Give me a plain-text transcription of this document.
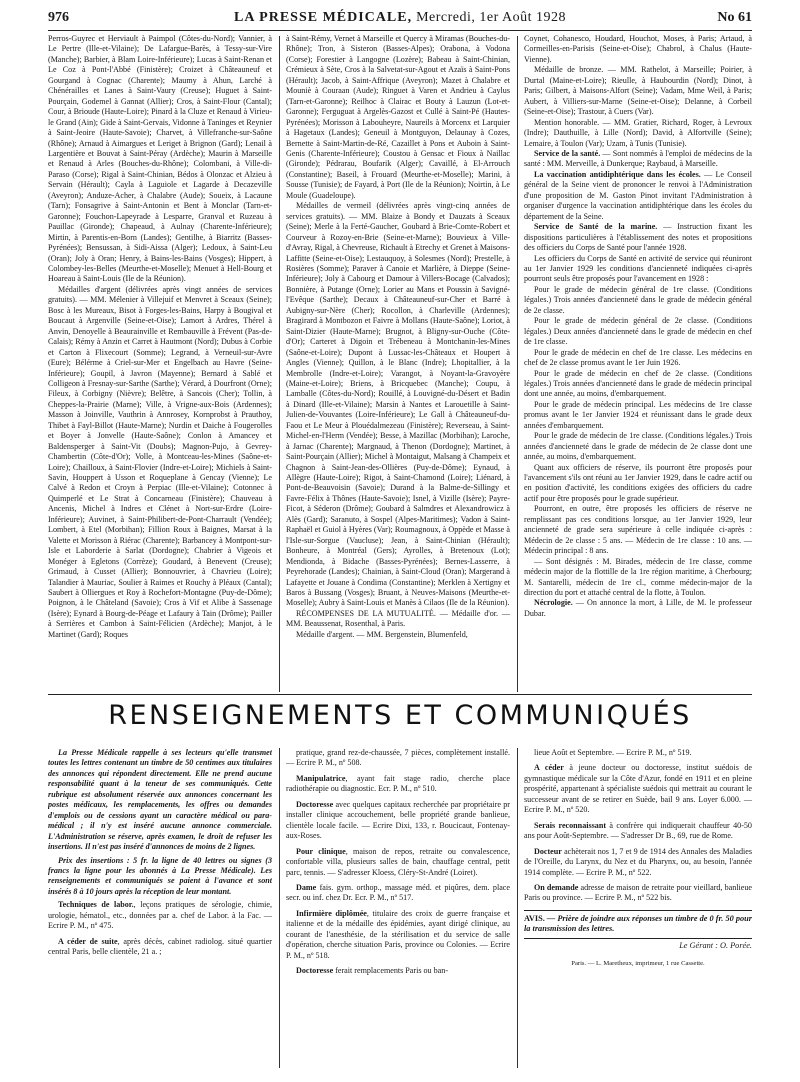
976	LA PRESSE MÉDICALE, Mercredi, 1er Août 1928	No 61

Perros-Guyrec et Herviault à Paimpol (Côtes-du-Nord); Vannier, à Le Pertre (Ille-et-Vilaine); De Lafargue-Barès, à Tessy-sur-Vire (Manche); Barbier, à Blam Loire-Inférieure); Lucas à Saint-Renan et Le Coz à Pont-l'Abbé (Finistère); Croizet à Châteauneuf et Gourgand à Cognac (Charente); Maumy à Ahun, Larché à Chénérailles et Lanes à Saint-Vaury (Creuse); Huguet à Saint-Pourçain, Godemel à Gannat (Allier); Cros, à Saint-Flour (Cantal); Cour, à Brioude (Haute-Loire); Pinard à la Cluze et Renaud à Virieu-le Grand (Ain); Gide à Saint-Gervais, Vidonne à Taninges et Reynier à Saint-Jeoire (Haute-Savoie); Charvet, à Villefranche-sur-Saône (Rhône); Arnaud à Aimargues et Leriget à Brignon (Gard); Lenail à Largentière et Bouvat à Saint-Péray (Ardèche); Maurin à Marseille et Renaud à Arles (Bouches-du-Rhône); Colombani, à Ville-di-Paraso (Corse); Rigal à Saint-Chinian, Bédos à Olonzac et Alzieu à Servain (Hérault); Cayla à Laguiole et Lagarde à Decazeville (Aveyron); Anduze-Acher, à Chalabre (Aude); Soueix, à Lacaune (Tarn); Fonsagrive à Saint-Antonin et Bent à Monclar (Tarn-et-Garonne); Fouchon-Lapeyrade à Lesparre, Granval et Ruzeau à Pauillac (Gironde); Chapeaud, à Aulnay (Charente-Inférieure); Mirtin, à Parentis-en-Born (Landes); Gentilhe, à Biarritz (Basses-Pyrénées); Bensussan, à Sidi-Aissa (Alger); Ledoux, à Saint-Leu (Oran); Joly à Oran; Henry, à Bains-les-Bains (Vosges); Hippert, à Colombey-les-Belles (Meurthe-et-Moselle); Menuet à Hell-Bourg et Hoareau à Saint-Louis (Ile de la Réunion).

Médailles d'argent (délivrées après vingt années de services gratuits). — MM. Mélenier à Villejuif et Menvret à Sceaux (Seine); Bosc à les Mureaux, Bisot à Forges-les-Bains, Harpy à Bougival et Boucaut à Argenville (Seine-et-Oise); Lamort à Ardres, Thérel à Anvin, Denoyelle à Beaurainville et Rembauville à Frévent (Pas-de-Calais); Rémy à Anzin et Carret à Hautmont (Nord); Dubus à Corbie et Carton à Flixecourt (Somme); Legrand, à Verneuil-sur-Avre (Eure); Bélérme à Criel-sur-Mer et Engelbach au Havre (Seine-Inférieure); Goupil, à Javron (Mayenne); Bernard à Sablé et Colligeon à Fresnay-sur-Sarthe (Sarthe); Vérard, à Dourfront (Orne); Fileux, à Corbigny (Nièvre); Belêtre, à Sancois (Cher); Tollin, à Cheppes-la-Prairie (Marne); Ville, à Vrigne-aux-Bois (Ardennes); Masson à Joinville, Vauthrin à Annrosey, Kornprobst à Prauthoy, Thibet à Fayl-Billot (Haute-Marne); Nurdin et Daiche à Fougerolles et Boyer à Jonvelle (Haute-Saône); Conlon à Amancey et Baldensperger à Saint-Vit (Doubs); Magnon-Pujo, à Gevrey-Chambertin (Côte-d'Or); Volle, à Montceau-les-Mines (Saône-et-Loire); Chailloux, à Saint-Flovier (Indre-et-Loire); Michiels à Saint-Savin, Houppert à Usson et Roqueplane à Gencay (Vienne); Le Calvé à Redon et Croyn à Perpiac (Ille-et-Vilaine); Cotonnec à Quimperlé et Le Strat à Concarneau (Finistère); Chauveau à Ancenis, Michel à Indres et Clénet à Nort-sur-Erdre (Loire-Inférieure); Auvinet, à Saint-Philibert-de-Pont-Charrault (Vendée); Lombert, à Etel (Morbihan); Fillion Roux à Baignes, Marsat à la Valette et Morisson à Riérac (Charente); Barbancey à Montpont-sur-Isle et Laborderie à Sarlat (Dordogne); Chabrier à Vigeois et Monéger à Egletons (Corrèze); Goudard, à Benevent (Creuse); Grimaud, à Cusset (Allier); Bonnouvrier, à Chavrieu (Loire); Talandier à Mauriac, Soulier à Raimes et Rouchy à Pléaux (Cantal); Saubert à Olliergues et Roy à Rochefort-Montagne (Puy-de-Dôme); Poignon, à le Châteland (Savoie); Cros à Vif et Alibe à Sassenage (Isère); Eynard à Bourg-de-Péage et Lafaury à Tain (Drôme); Pailler à Serrières et Cambon à Saint-Félicien (Ardèche); Manjot, à le Martinet (Gard); Roques

à Saint-Rémy, Vernet à Marseille et Quercy à Miramas (Bouches-du-Rhône); Tron, à Sisteron (Basses-Alpes); Orabona, à Vodona (Corse); Forestier à Langogne (Lozère); Babeau à Saint-Chinian, Crémieux à Sète, Cros à la Salvetat-sur-Agout et Azaïs à Saint-Pons (Hérault); Jacob, à Saint-Affrique (Aveyron); Mazet à Chalabre et Mouniè à Couraan (Aude); Ringuet à Varen et Andrieu à Caylus (Tarn-et-Garonne); Reilhoc à Clairac et Bouty à Lauzun (Lot-et-Garonne); Ferguguat à Argelès-Gazost et Cullé à Saint-Pé (Hautes-Pyrénées); Morisson à Labouheyre, Naureils à Morcenx et Larquier à Hagetaux (Landes); Geneuil à Montguyon, Delaunay à Cozes, Bernette à Saint-Martin-de-Ré, Cazaillet à Pons et Auboin à Saint-Genis (Charente-Inférieure); Coustou à Gensac et Fioux à Naillac (Gironde); Pédrarau, Boufarik (Alger); Cavaillé, à El-Arrouch (Constantine); Baseil, à Frouard (Meurthe-et-Moselle); Marini, à Sousse (Tunisie); de Fayard, à Port (Ile de la Réunion); Noirtin, à Le Moule (Guadeloupe).

Médailles de vermeil (délivrées après vingt-cinq années de services gratuits). — MM. Blaize à Bondy et Dauzats à Sceaux (Seine); Merle à la Ferté-Gaucher, Goubard à Brie-Comte-Robert et Courveur à Rozoy-en-Brie (Seine-et-Marne); Bouvieux à Ville-d'Avray, Rigal, à Chevreuse, Richault à Etrechy et Grenet à Maisons-Laffitte (Seine-et-Oise); Lestauquoy, à Solesmes (Nord); Prestelle, à Rosières (Somme); Paraver à Canoie et Marlière, à Dieppe (Seine-Inférieure); Joly à Cabourg et Damour à Villers-Bocage (Calvados); Bonnière, à Putange (Orne); Lorier au Mans et Poussin à Savigné-l'Evêque (Sarthe); Decaux à Châteauneuf-sur-Cher et Barré à Aubigny-sur-Nère (Cher); Rocollon, à Charleville (Ardennes); Bragirard à Montbozon et Faivre à Mollans (Haute-Saône); Loriot, à Saint-Dizier (Haute-Marne); Brugnot, à Bligny-sur-Ouche (Côte-d'Or); Carteret à Digoin et Trébeneau à Montchanin-les-Mines (Saône-et-Loire); Dupont à Lussac-les-Châteaux et Houpert à Angles (Vienne); Quillon, à le Blanc (Indre); Lhopitallier, à la Membrolle (Indre-et-Loire); Varangot, à Noyant-la-Gravoyère (Maine-et-Loire); Briens, à Bricquebec (Manche); Coupu, à Lamballe (Côtes-du-Nord); Rouillé, à Louvigné-du-Désert et Badin à Dinard (Ille-et-Vilaine); Marsin à Nantes et Larouetille à Saint-Julien-de-Vouvantes (Loire-Inférieure); Le Gall à Châteauneuf-du-Faou et Le Meur à Plouédalmezeau (Finistère); Reverseau, à Saint-Michel-en-l'Herm (Vendée); Besse, à Mazillac (Morbihan); Laroche, à Jarnac (Charente); Margnaud, à Thenon (Dordogne); Martinet, à Saint-Pourçain (Allier); Michel à Montaigut, Malsang à Champeix et Chagnon à Saint-Jean-des-Ollières (Puy-de-Dôme); Eynaud, à Allègre (Haute-Loire); Rigot, à Saint-Chamond (Loire); Liénard, à Pont-de-Beauvoisin (Savoie); Durand à la Balme-de-Sillingy et Favre-Félix à Thônes (Haute-Savoie); Isnel, à Vizille (Isère); Payre-Ficot, à Séderon (Drôme); Goubard à Salmdres et Alexandrowicz à Alès (Gard); Saranuto, à Sospel (Alpes-Maritimes); Vadon à Saint-Raphaël et Guiol à Hyères (Var); Roumagnoux, à Oppède et Masse à l'Isle-sur-Sorgue (Vaucluse); Jean, à Saint-Chinian (Hérault); Bonheure, à Montréal (Gers); Ayrolles, à Bretenoux (Lot); Mendionda, à Bidache (Basses-Pyrénées); Bernes-Lasserre, à Peyrehorade (Landes); Chainian, à Saint-Cloud (Oran); Margerand à Lafayette et Jouane à Condima (Constantine); Merklen à Xertigny et Baros à Bussang (Vosges); Bruant, à Neuves-Maisons (Meurthe-et-Moselle); Aubry à Saint-Louis et Manès à Cilaos (Ile de la Réunion).

RÉCOMPENSES DE LA MUTUALITÉ. — Médaille d'or. — MM. Beaussenat, Rosenthal, à Paris.

Médaille d'argent. — MM. Bergenstein, Blumenfeld,

Coynet, Cohanesco, Houdard, Houchot, Moses, à Paris; Artaud, à Cormeilles-en-Parisis (Seine-et-Oise); Chabrol, à Chalus (Haute-Vienne).

Médaille de bronze. — MM. Rathelot, à Marseille; Poirier, à Durtal (Maine-et-Loire); Rieulle, à Haubourdin (Nord); Dinot, à Paris; Gilbert, à Maisons-Alfort (Seine); Vadam, Mme Weil, à Paris; Aubert, à Villiers-sur-Marne (Seine-et-Oise); Delanne, à Corbeil (Seine-et-Oise); Trastour, à Cuers (Var).

Mention honorable. — MM. Gratier, Richard, Roger, à Levroux (Indre); Dauthuille, à Lille (Nord); David, à Alfortville (Seine); Lemaire, à Toulon (Var); Uzam, à Tunis (Tunisie).

Service de la santé. — Sont nommés à l'emploi de médecins de la santé : MM. Merveille, à Dunkerque; Raybaud, à Marseille.

La vaccination antidiphtérique dans les écoles. — Le Conseil général de la Seine vient de prononcer le renvoi à l'Administration d'une proposition de M. Gaston Pinot invitant l'Administration à organiser d'urgence la vaccination antidiphtérique dans les écoles du département de la Seine.

Service de Santé de la marine. — Instruction fixant les dispositions particulières à l'établissement des notes et propositions des officiers du Corps de Santé pour l'année 1928.

Les officiers du Corps de Santé en activité de service qui réuniront au 1er Janvier 1929 les conditions d'ancienneté indiquées ci-après pourront seuls être proposés pour l'avancement en 1928 :

Pour le grade de médecin général de 1re classe. (Conditions légales.) Trois années d'ancienneté dans le grade de médecin général de 2e classe.

Pour le grade de médecin général de 2e classe. (Conditions légales.) Deux années d'ancienneté dans le grade de médecin en chef de 1re classe.

Pour le grade de médecin en chef de 1re classe. Les médecins en chef de 2e classe promus avant le 1er Juin 1926.

Pour le grade de médecin en chef de 2e classe. (Conditions légales.) Trois années d'ancienneté dans le grade de médecin principal dont une année, au moins, d'embarquement.

Pour le grade de médecin principal. Les médecins de 1re classe promus avant le 1er Janvier 1924 et réunissant dans le grade deux années d'embarquement.

Pour le grade de médecin de 1re classe. (Conditions légales.) Trois années d'ancienneté dans le grade de médecin de 2e classe dont une année, au moins, d'embarquement.

Quant aux officiers de réserve, ils pourront être proposés pour l'avancement s'ils ont réuni au 1er Janvier 1929, dans le cadre actif ou en position d'activité, les conditions exigées des officiers du cadre actif pour être proposés pour le grade supérieur.

Pourront, en outre, être proposés les officiers de réserve ne remplissant pas ces conditions lorsque, au 1er Janvier 1929, leur ancienneté de grade sera supérieure à celle indiquée ci-après : Médecin de 2e classe : 5 ans. — Médecin de 1re classe : 10 ans. — Médecin principal : 8 ans.

— Sont désignés : M. Birades, médecin de 1re classe, comme médecin major de la flottille de la 1re région maritime, à Cherbourg; M. Santarelli, médecin de 1re cl., comme médecin-major de la direction du port et attaché central de la flotte, à Toulon.

Nécrologie. — On annonce la mort, à Lille, de M. le professeur Dubar.

RENSEIGNEMENTS ET COMMUNIQUÉS

La Presse Médicale rappelle à ses lecteurs qu'elle transmet toutes les lettres contenant un timbre de 50 centimes aux titulaires des annonces qui répondent directement. Elle ne prend aucune responsabilité quant à la teneur de ses communiqués. Cette rubrique est absolument réservée aux annonces concernant les postes médicaux, les remplacements, les offres ou demandes d'emplois ou de cessions ayant un caractère médical ou para-médical ; il n'y est inséré aucune annonce commerciale. L'Administration se réserve, après examen, le droit de refuser les insertions. Il n'est pas inséré d'annonces de moins de 2 lignes.

Prix des insertions : 5 fr. la ligne de 40 lettres ou signes (3 francs la ligne pour les abonnés à La Presse Médicale). Les renseignements et communiqués se paient à l'avance et sont insérés 8 à 10 jours après la réception de leur montant.

Techniques de labor., leçons pratiques de sérologie, chimie, urologie, hématol., etc., données par a. chef de Labor. à la Fac. — Ecrire P. M., nº 475.

A céder de suite, après décès, cabinet radiolog. situé quartier central Paris, belle clientèle, 21 a. ;

pratique, grand rez-de-chaussée, 7 pièces, complètement installé. — Ecrire P. M., nº 508.

Manipulatrice, ayant fait stage radio, cherche place radiothérapie ou diagnostic. Ecr. P. M., nº 510.

Doctoresse avec quelques capitaux recherchée par propriétaire pr installer clinique accouchement, belle propriété grande banlieue, clientèle locale facile. — Ecrire Dixi, 133, r. Boucicaut, Fontenay-aux-Roses.

Pour clinique, maison de repos, retraite ou convalescence, confortable villa, plusieurs salles de bain, chauffage central, petit parc, tennis. — S'adresser Kloess, Cléry-St-André (Loiret).

Dame fais. gym. orthop., massage méd. et piqûres, dem. place secr. ou inf. chez Dr. Ecr. P. M., nº 517.

Infirmière diplômée, titulaire des croix de guerre française et italienne et de la médaille des épidémies, ayant dirigé clinique, au courant de l'anesthésie, de la stérilisation et du service de salle d'opération, cherche situation Paris, province ou Colonies. — Ecrire P. M., nº 518.

Doctoresse ferait remplacements Paris ou ban-

lieue Août et Septembre. — Ecrire P. M., nº 519.

A céder à jeune docteur ou doctoresse, institut suédois de gymnastique médicale sur la Côte d'Azur, fondé en 1911 et en pleine prospérité, appartenant à spécialiste suédois qui mettrait au courant le successeur avant de se retirer en Suède, bail 9 ans. Loyer 6.000. — Ecrire P. M., nº 520.

Serais reconnaissant à confrère qui indiquerait chauffeur 40-50 ans pour Août-Septembre. — S'adresser Dr B., 69, rue de Rome.

Docteur achèterait nos 1, 7 et 9 de 1914 des Annales des Maladies de l'Oreille, du Larynx, du Nez et du Pharynx, ou, au besoin, l'année 1914 complète. — Ecrire P. M., nº 522.

On demande adresse de maison de retraite pour vieillard, banlieue Paris ou province. — Ecrire P. M., nº 522 bis.

AVIS. — Prière de joindre aux réponses un timbre de 0 fr. 50 pour la transmission des lettres.
Le Gérant : O. Porée.
Paris. — L. Maretheux, imprimeur, 1 rue Cassette.
